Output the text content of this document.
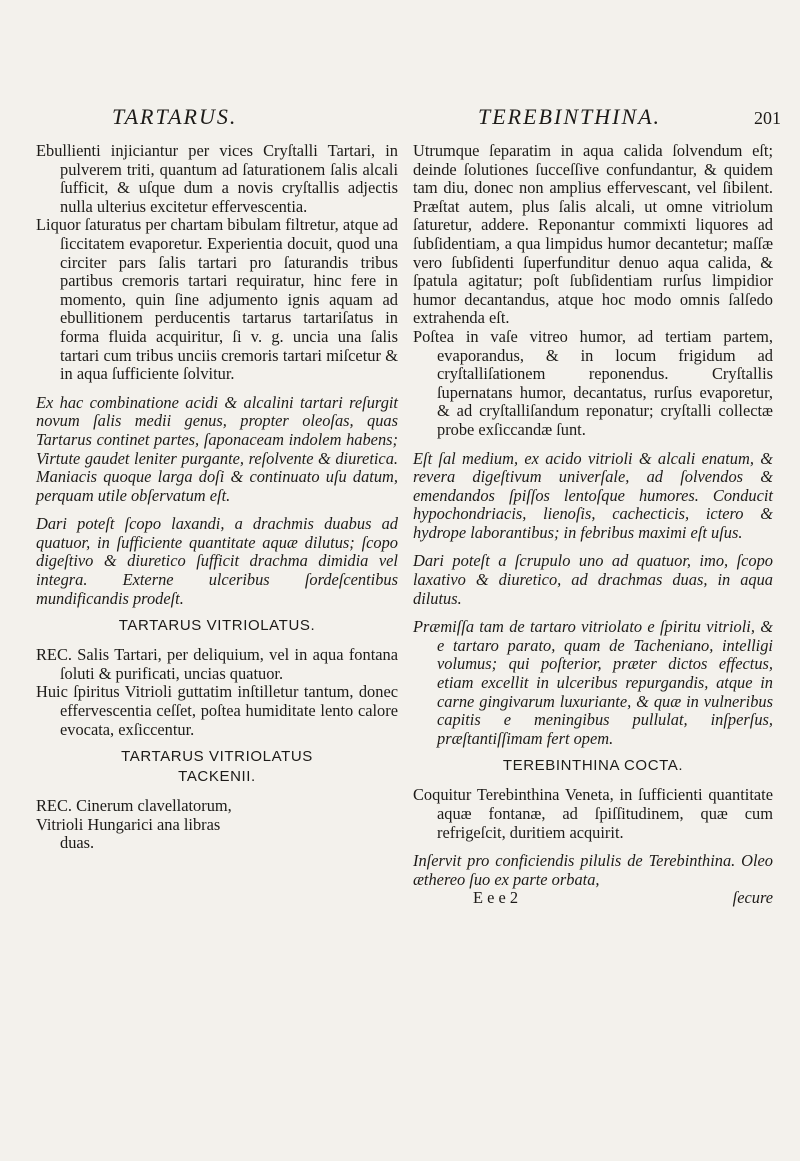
TARTARUS.	TEREBINTHINA.	201

Ebullienti injiciantur per vices Cryſtalli Tartari, in pulverem triti, quantum ad ſaturationem ſalis alcali ſufficit, & uſque dum a novis cryſtallis adjectis nulla ulterius excitetur effervescentia.

Liquor ſaturatus per chartam bibulam filtretur, atque ad ſiccitatem evaporetur. Experientia docuit, quod una circiter pars ſalis tartari pro ſaturandis tribus partibus cremoris tartari requiratur, hinc fere in momento, quin ſine adjumento ignis aquam ad ebullitionem perducentis tartarus tartariſatus in forma fluida acquiritur, ſi v. g. uncia una ſalis tartari cum tribus unciis cremoris tartari miſcetur & in aqua ſufficiente ſolvitur.

Ex hac combinatione acidi & alcalini tartari reſurgit novum ſalis medii genus, propter oleoſas, quas Tartarus continet partes, ſaponaceam indolem habens; Virtute gaudet leniter purgante, reſolvente & diuretica. Maniacis quoque larga doſi & continuato uſu datum, perquam utile obſervatum eſt.

Dari poteſt ſcopo laxandi, a drachmis duabus ad quatuor, in ſufficiente quantitate aquæ dilutus; ſcopo digeſtivo & diuretico ſufficit drachma dimidia vel integra. Externe ulceribus ſordeſcentibus mundificandis prodeſt.

TARTARUS VITRIOLATUS.

REC. Salis Tartari, per deliquium, vel in aqua fontana ſoluti & purificati, uncias quatuor.

Huic ſpiritus Vitrioli guttatim inſtilletur tantum, donec effervescentia ceſſet, poſtea humiditate lento calore evocata, exſiccentur.

TARTARUS VITRIOLATUS
TACKENII.

REC. Cinerum clavellatorum,

Vitrioli Hungarici ana libras

duas.

Utrumque ſeparatim in aqua calida ſolvendum eſt; deinde ſolutiones ſucceſſive confundantur, & quidem tam diu, donec non amplius effervescant, vel ſibilent. Præſtat autem, plus ſalis alcali, ut omne vitriolum ſaturetur, addere. Reponantur commixti liquores ad ſubſidentiam, a qua limpidus humor decantetur; maſſæ vero ſubſidenti ſuperfunditur denuo aqua calida, & ſpatula agitatur; poſt ſubſidentiam rurſus limpidior humor decantandus, atque hoc modo omnis ſalſedo extrahenda eſt.

Poſtea in vaſe vitreo humor, ad tertiam partem, evaporandus, & in locum frigidum ad cryſtalliſationem reponendus. Cryſtallis ſupernatans humor, decantatus, rurſus evaporetur, & ad cryſtalliſandum reponatur; cryſtalli collectæ probe exſiccandæ ſunt.

Eſt ſal medium, ex acido vitrioli & alcali enatum, & revera digeſtivum univerſale, ad ſolvendos & emendandos ſpiſſos lentoſque humores. Conducit hypochondriacis, lienoſis, cachecticis, ictero & hydrope laborantibus; in febribus maximi eſt uſus.

Dari poteſt a ſcrupulo uno ad quatuor, imo, ſcopo laxativo & diuretico, ad drachmas duas, in aqua dilutus.

Præmiſſa tam de tartaro vitriolato e ſpiritu vitrioli, & e tartaro parato, quam de Tacheniano, intelligi volumus; qui poſterior, præter dictos effectus, etiam excellit in ulceribus repurgandis, atque in carne gingivarum luxuriante, & quæ in vulneribus capitis e meningibus pullulat, inſperſus, præſtantiſſimam fert opem.

TEREBINTHINA COCTA.

Coquitur Terebinthina Veneta, in ſufficienti quantitate aquæ fontanæ, ad ſpiſſitudinem, quæ cum refrigeſcit, duritiem acquirit.

Inſervit pro conficiendis pilulis de Terebinthina. Oleo æthereo ſuo ex parte orbata,

E e e 2	ſecure
